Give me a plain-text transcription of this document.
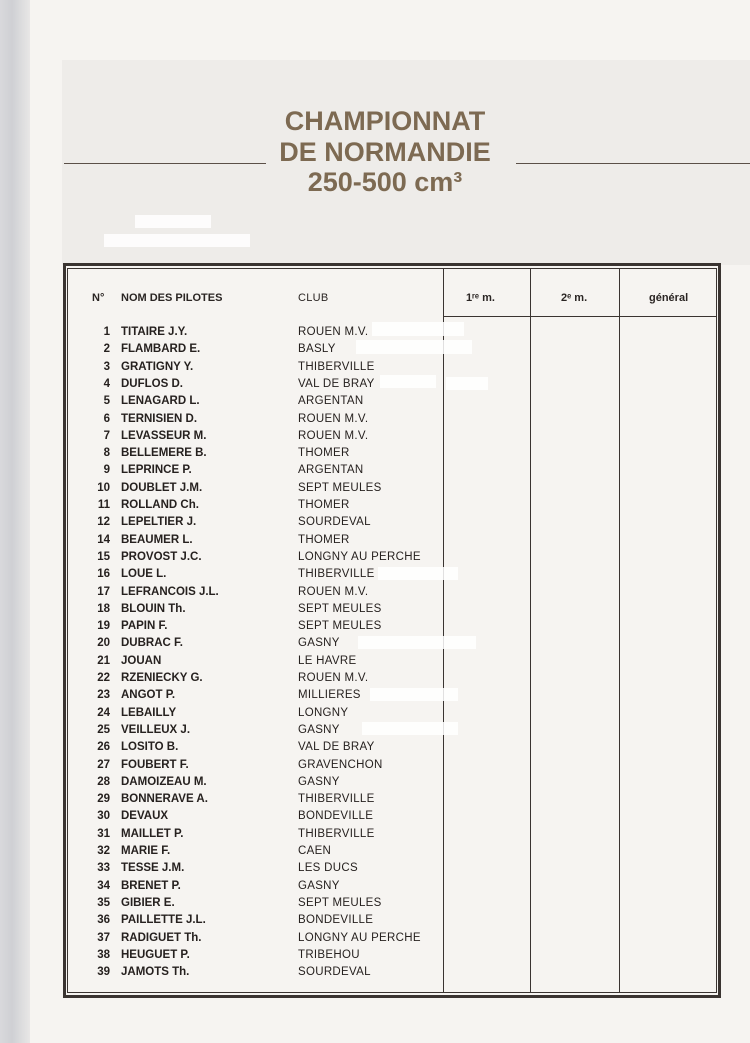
CHAMPIONNAT
DE NORMANDIE
250-500 cm³
N° NOM DES PILOTES	CLUB	1ʳᵉ m.	2ᵉ m.	général
1 TITAIRE J.Y.	ROUEN M.V.
2 FLAMBARD E.	BASLY
3 GRATIGNY Y.	THIBERVILLE
4 DUFLOS D.	VAL DE BRAY
5 LENAGARD L.	ARGENTAN
6 TERNISIEN D.	ROUEN M.V.
7 LEVASSEUR M.	ROUEN M.V.
8 BELLEMERE B.	THOMER
9 LEPRINCE P.	ARGENTAN
10 DOUBLET J.M.	SEPT MEULES
11 ROLLAND Ch.	THOMER
12 LEPELTIER J.	SOURDEVAL
14 BEAUMER L.	THOMER
15 PROVOST J.C.	LONGNY AU PERCHE
16 LOUE L.	THIBERVILLE
17 LEFRANCOIS J.L.	ROUEN M.V.
18 BLOUIN Th.	SEPT MEULES
19 PAPIN F.	SEPT MEULES
20 DUBRAC F.	GASNY
21 JOUAN	LE HAVRE
22 RZENIECKY G.	ROUEN M.V.
23 ANGOT P.	MILLIERES
24 LEBAILLY	LONGNY
25 VEILLEUX J.	GASNY
26 LOSITO B.	VAL DE BRAY
27 FOUBERT F.	GRAVENCHON
28 DAMOIZEAU M.	GASNY
29 BONNERAVE A.	THIBERVILLE
30 DEVAUX	BONDEVILLE
31 MAILLET P.	THIBERVILLE
32 MARIE F.	CAEN
33 TESSE J.M.	LES DUCS
34 BRENET P.	GASNY
35 GIBIER E.	SEPT MEULES
36 PAILLETTE J.L.	BONDEVILLE
37 RADIGUET Th.	LONGNY AU PERCHE
38 HEUGUET P.	TRIBEHOU
39 JAMOTS Th.	SOURDEVAL
